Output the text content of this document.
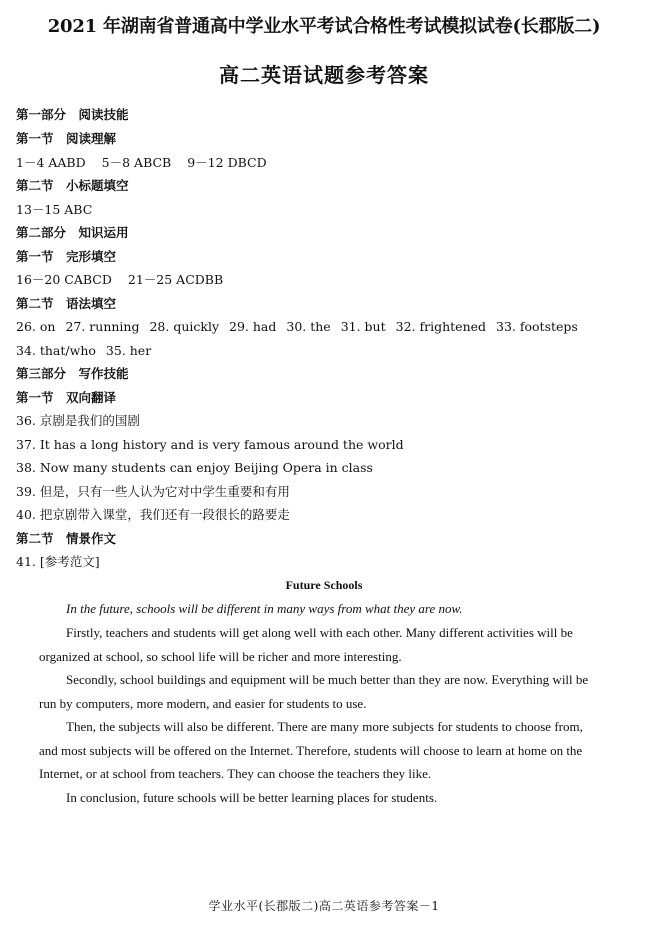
2021 年湖南省普通高中学业水平考试合格性考试模拟试卷(长郡版二)
高二英语试题参考答案
第一部分　阅读技能
第一节　阅读理解
1－4 AABD 5－8 ABCB 9－12 DBCD
第二节　小标题填空
13－15 ABC
第二部分　知识运用
第一节　完形填空
16－20 CABCD 21－25 ACDBB
第二节　语法填空
26. on 27. running 28. quickly 29. had 30. the 31. but 32. frightened 33. footsteps
34. that/who 35. her
第三部分　写作技能
第一节　双向翻译
36. 京剧是我们的国剧
37. It has a long history and is very famous around the world
38. Now many students can enjoy Beijing Opera in class
39. 但是，只有一些人认为它对中学生重要和有用
40. 把京剧带入课堂，我们还有一段很长的路要走
第二节　情景作文
41. [参考范文]
Future Schools
In the future, schools will be different in many ways from what they are now.
Firstly, teachers and students will get along well with each other. Many different activities will be
organized at school, so school life will be richer and more interesting.
Secondly, school buildings and equipment will be much better than they are now. Everything will be
run by computers, more modern, and easier for students to use.
Then, the subjects will also be different. There are many more subjects for students to choose from,
and most subjects will be offered on the Internet. Therefore, students will choose to learn at home on the
Internet, or at school from teachers. They can choose the teachers they like.
In conclusion, future schools will be better learning places for students.
学业水平(长郡版二)高二英语参考答案－1
